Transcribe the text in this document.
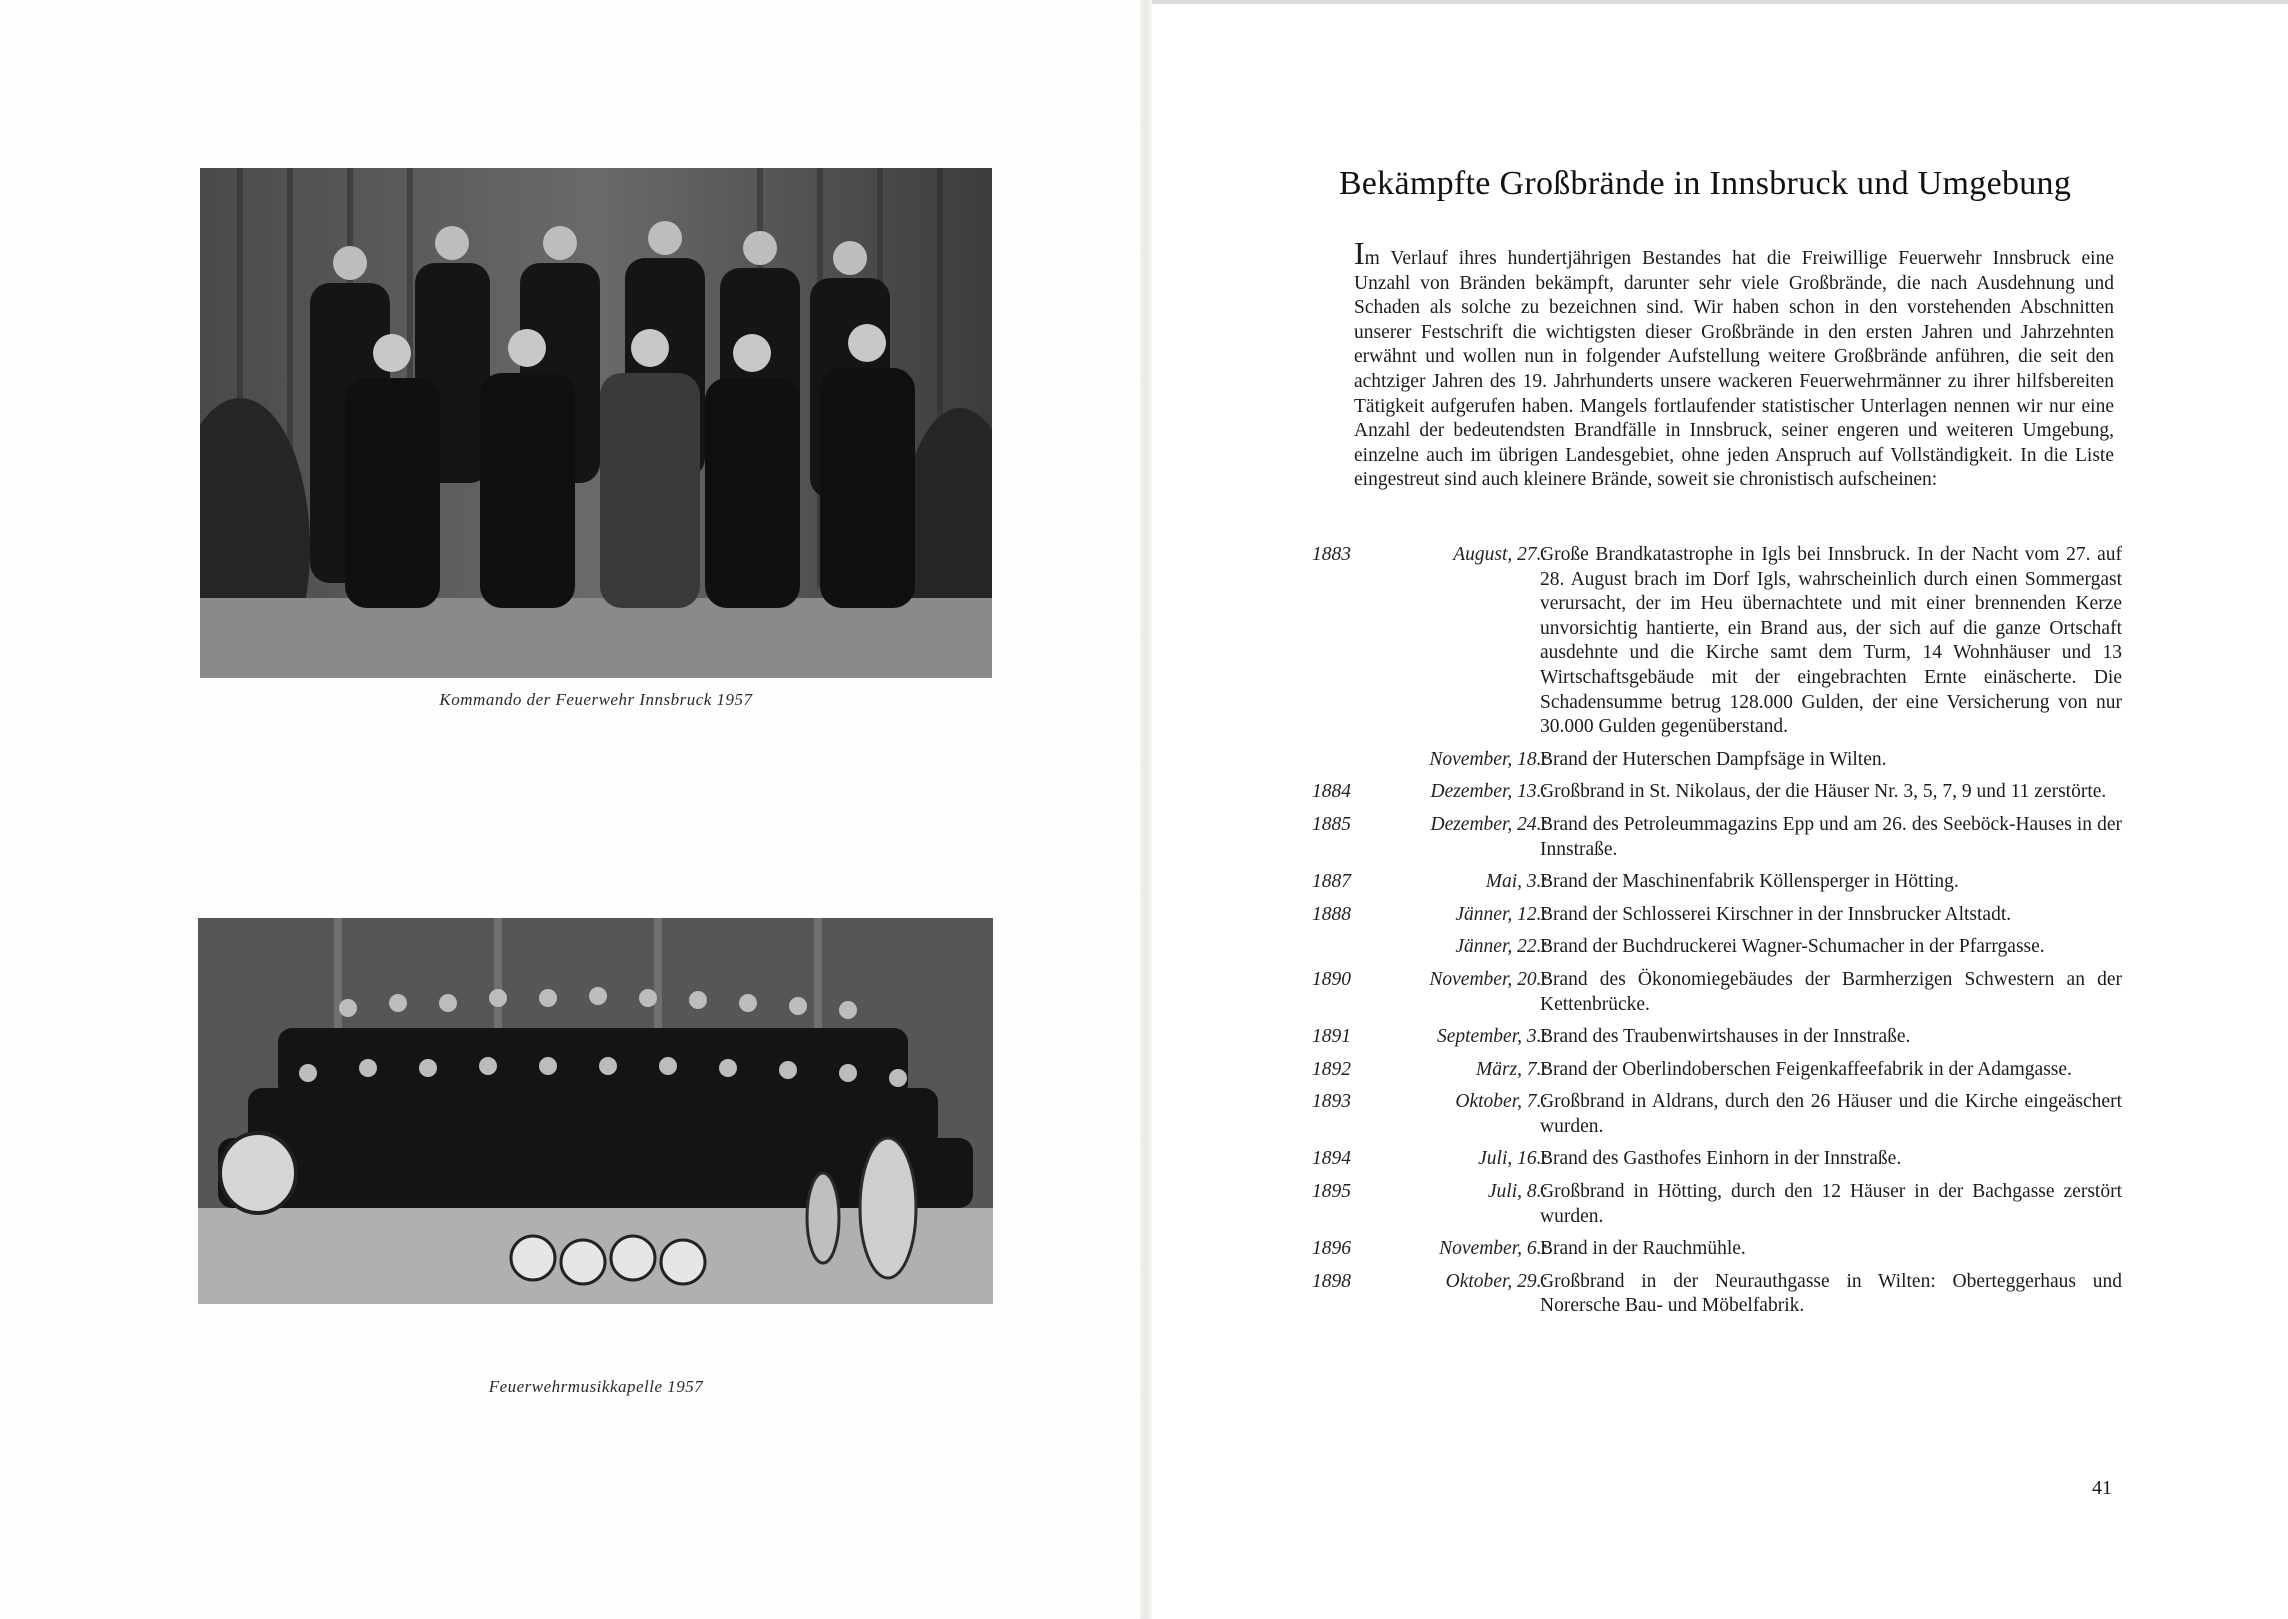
Kommando der Feuerwehr Innsbruck 1957
Feuerwehrmusikkapelle 1957
Bekämpfte Großbrände in Innsbruck und Umgebung
Im Verlauf ihres hundertjährigen Bestandes hat die Freiwillige Feuerwehr Innsbruck eine Unzahl von Bränden bekämpft, darunter sehr viele Großbrände, die nach Ausdehnung und Schaden als solche zu bezeichnen sind. Wir haben schon in den vorstehenden Abschnitten unserer Festschrift die wichtigsten dieser Großbrände in den ersten Jahren und Jahrzehnten erwähnt und wollen nun in folgender Aufstellung weitere Großbrände anführen, die seit den achtziger Jahren des 19. Jahrhunderts unsere wackeren Feuerwehrmänner zu ihrer hilfsbereiten Tätigkeit aufgerufen haben. Mangels fortlaufender statistischer Unterlagen nennen wir nur eine Anzahl der bedeutendsten Brandfälle in Innsbruck, seiner engeren und weiteren Umgebung, einzelne auch im übrigen Landesgebiet, ohne jeden Anspruch auf Vollständigkeit. In die Liste eingestreut sind auch kleinere Brände, soweit sie chronistisch aufscheinen:
1883	August, 27.:
Große Brandkatastrophe in Igls bei Innsbruck. In der Nacht vom 27. auf 28. August brach im Dorf Igls, wahrscheinlich durch einen Sommergast verursacht, der im Heu übernachtete und mit einer brennenden Kerze unvorsichtig hantierte, ein Brand aus, der sich auf die ganze Ortschaft ausdehnte und die Kirche samt dem Turm, 14 Wohnhäuser und 13 Wirtschaftsgebäude mit der eingebrachten Ernte einäscherte. Die Schadensumme betrug 128.000 Gulden, der eine Versicherung von nur 30.000 Gulden gegenüberstand.
November, 18.:
Brand der Huterschen Dampfsäge in Wilten.
1884	Dezember, 13.:
Großbrand in St. Nikolaus, der die Häuser Nr. 3, 5, 7, 9 und 11 zerstörte.
1885	Dezember, 24.:
Brand des Petroleummagazins Epp und am 26. des Seeböck-Hauses in der Innstraße.
1887	Mai, 3.:
Brand der Maschinenfabrik Köllensperger in Hötting.
1888	Jänner, 12.:
Brand der Schlosserei Kirschner in der Innsbrucker Altstadt.
Jänner, 22.:
Brand der Buchdruckerei Wagner-Schumacher in der Pfarrgasse.
1890	November, 20.:
Brand des Ökonomiegebäudes der Barmherzigen Schwestern an der Kettenbrücke.
1891	September, 3.:
Brand des Traubenwirtshauses in der Innstraße.
1892	März, 7.:
Brand der Oberlindoberschen Feigenkaffeefabrik in der Adamgasse.
1893	Oktober, 7.:
Großbrand in Aldrans, durch den 26 Häuser und die Kirche eingeäschert wurden.
1894	Juli, 16.:
Brand des Gasthofes Einhorn in der Innstraße.
1895	Juli, 8.:
Großbrand in Hötting, durch den 12 Häuser in der Bachgasse zerstört wurden.
1896	November, 6.:
Brand in der Rauchmühle.
1898	Oktober, 29.:
Großbrand in der Neurauthgasse in Wilten: Oberteggerhaus und Norersche Bau- und Möbelfabrik.
41
